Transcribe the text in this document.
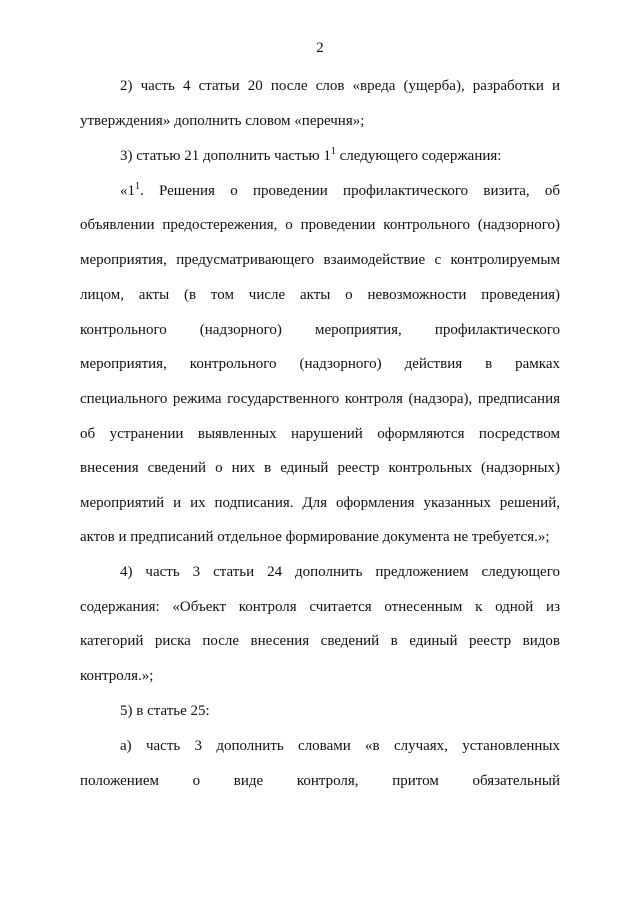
2
2) часть 4 статьи 20 после слов «вреда (ущерба), разработки и
утверждения» дополнить словом «перечня»;
3) статью 21 дополнить частью $1^1$ следующего содержания:
«$1^1$. Решения о проведении профилактического визита, об
объявлении предостережения, о проведении контрольного (надзорного)
мероприятия, предусматривающего взаимодействие с контролируемым
лицом, акты (в том числе акты о невозможности проведения)
контрольного (надзорного) мероприятия, профилактического
мероприятия, контрольного (надзорного) действия в рамках
специального режима государственного контроля (надзора), предписания
об устранении выявленных нарушений оформляются посредством
внесения сведений о них в единый реестр контрольных (надзорных)
мероприятий и их подписания. Для оформления указанных решений,
актов и предписаний отдельное формирование документа не требуется.»;
4) часть 3 статьи 24 дополнить предложением следующего
содержания: «Объект контроля считается отнесенным к одной из
категорий риска после внесения сведений в единый реестр видов
контроля.»;
5) в статье 25:
а) часть 3 дополнить словами «в случаях, установленных
положением о виде контроля, притом обязательный
